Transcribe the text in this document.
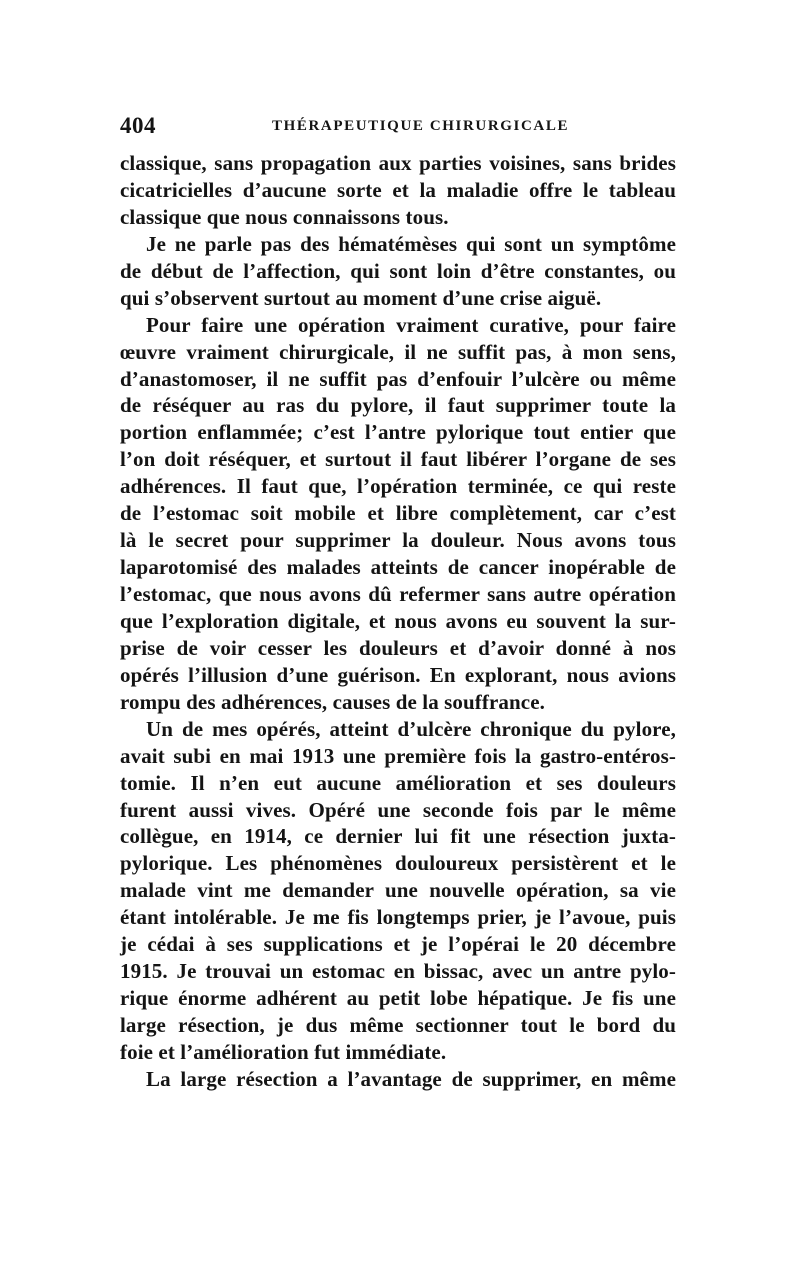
404	THÉRAPEUTIQUE CHIRURGICALE
classique, sans propagation aux parties voisines, sans brides
cicatricielles d’aucune sorte et la maladie offre le tableau
classique que nous connaissons tous.
Je ne parle pas des hématémèses qui sont un symptôme
de début de l’affection, qui sont loin d’être constantes, ou
qui s’observent surtout au moment d’une crise aiguë.
Pour faire une opération vraiment curative, pour faire
œuvre vraiment chirurgicale, il ne suffit pas, à mon sens,
d’anastomoser, il ne suffit pas d’enfouir l’ulcère ou même
de réséquer au ras du pylore, il faut supprimer toute la
portion enflammée; c’est l’antre pylorique tout entier que
l’on doit réséquer, et surtout il faut libérer l’organe de ses
adhérences. Il faut que, l’opération terminée, ce qui reste
de l’estomac soit mobile et libre complètement, car c’est
là le secret pour supprimer la douleur. Nous avons tous
laparotomisé des malades atteints de cancer inopérable de
l’estomac, que nous avons dû refermer sans autre opération
que l’exploration digitale, et nous avons eu souvent la sur-
prise de voir cesser les douleurs et d’avoir donné à nos
opérés l’illusion d’une guérison. En explorant, nous avions
rompu des adhérences, causes de la souffrance.
Un de mes opérés, atteint d’ulcère chronique du pylore,
avait subi en mai 1913 une première fois la gastro-entéros-
tomie. Il n’en eut aucune amélioration et ses douleurs
furent aussi vives. Opéré une seconde fois par le même
collègue, en 1914, ce dernier lui fit une résection juxta-
pylorique. Les phénomènes douloureux persistèrent et le
malade vint me demander une nouvelle opération, sa vie
étant intolérable. Je me fis longtemps prier, je l’avoue, puis
je cédai à ses supplications et je l’opérai le 20 décembre
1915. Je trouvai un estomac en bissac, avec un antre pylo-
rique énorme adhérent au petit lobe hépatique. Je fis une
large résection, je dus même sectionner tout le bord du
foie et l’amélioration fut immédiate.
La large résection a l’avantage de supprimer, en même
